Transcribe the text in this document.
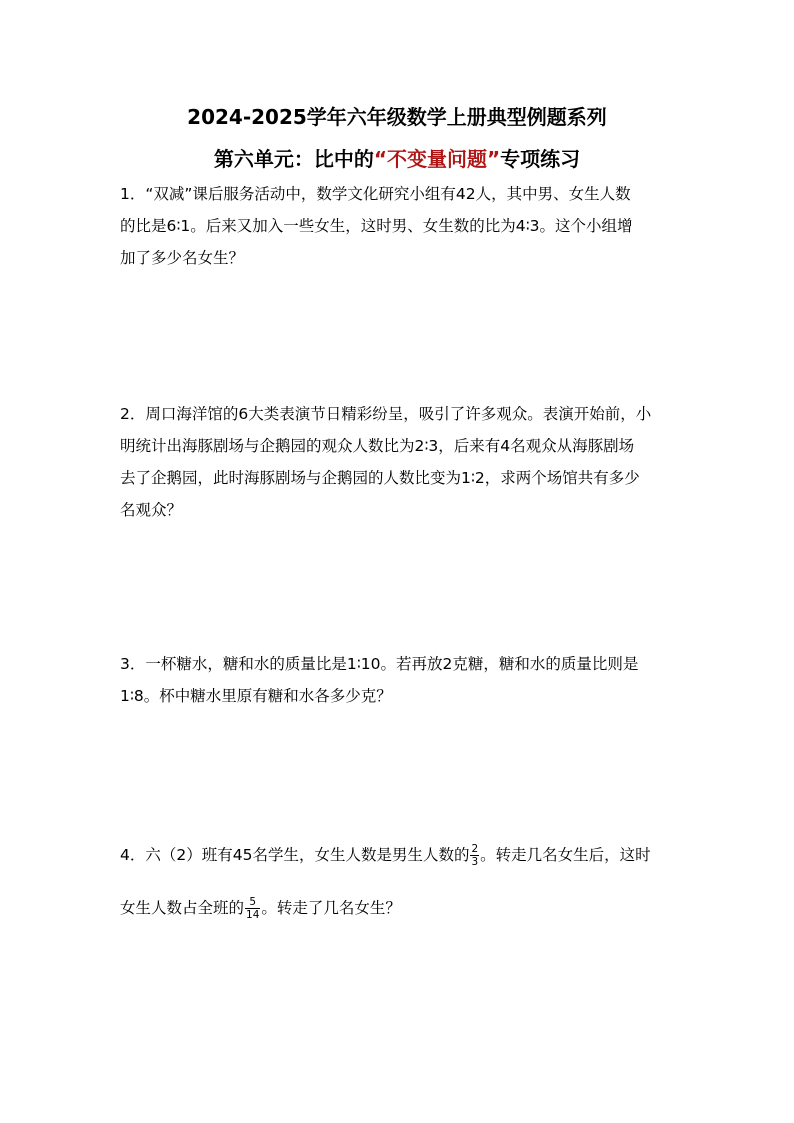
2024-2025学年六年级数学上册典型例题系列
第六单元：比中的“不变量问题”专项练习
1．“双减”课后服务活动中，数学文化研究小组有42人，其中男、女生人数
的比是6∶1。后来又加入一些女生，这时男、女生数的比为4∶3。这个小组增
加了多少名女生？
2．周口海洋馆的6大类表演节日精彩纷呈，吸引了许多观众。表演开始前，小
明统计出海豚剧场与企鹅园的观众人数比为2∶3，后来有4名观众从海豚剧场
去了企鹅园，此时海豚剧场与企鹅园的人数比变为1∶2，求两个场馆共有多少
名观众？
3．一杯糖水，糖和水的质量比是1∶10。若再放2克糖，糖和水的质量比则是
1∶8。杯中糖水里原有糖和水各多少克？
4．六（2）班有45名学生，女生人数是男生人数的 $\frac{2}{3}$ 。转走几名女生后，这时
女生人数占全班的 $\frac{5}{14}$ 。转走了几名女生？
